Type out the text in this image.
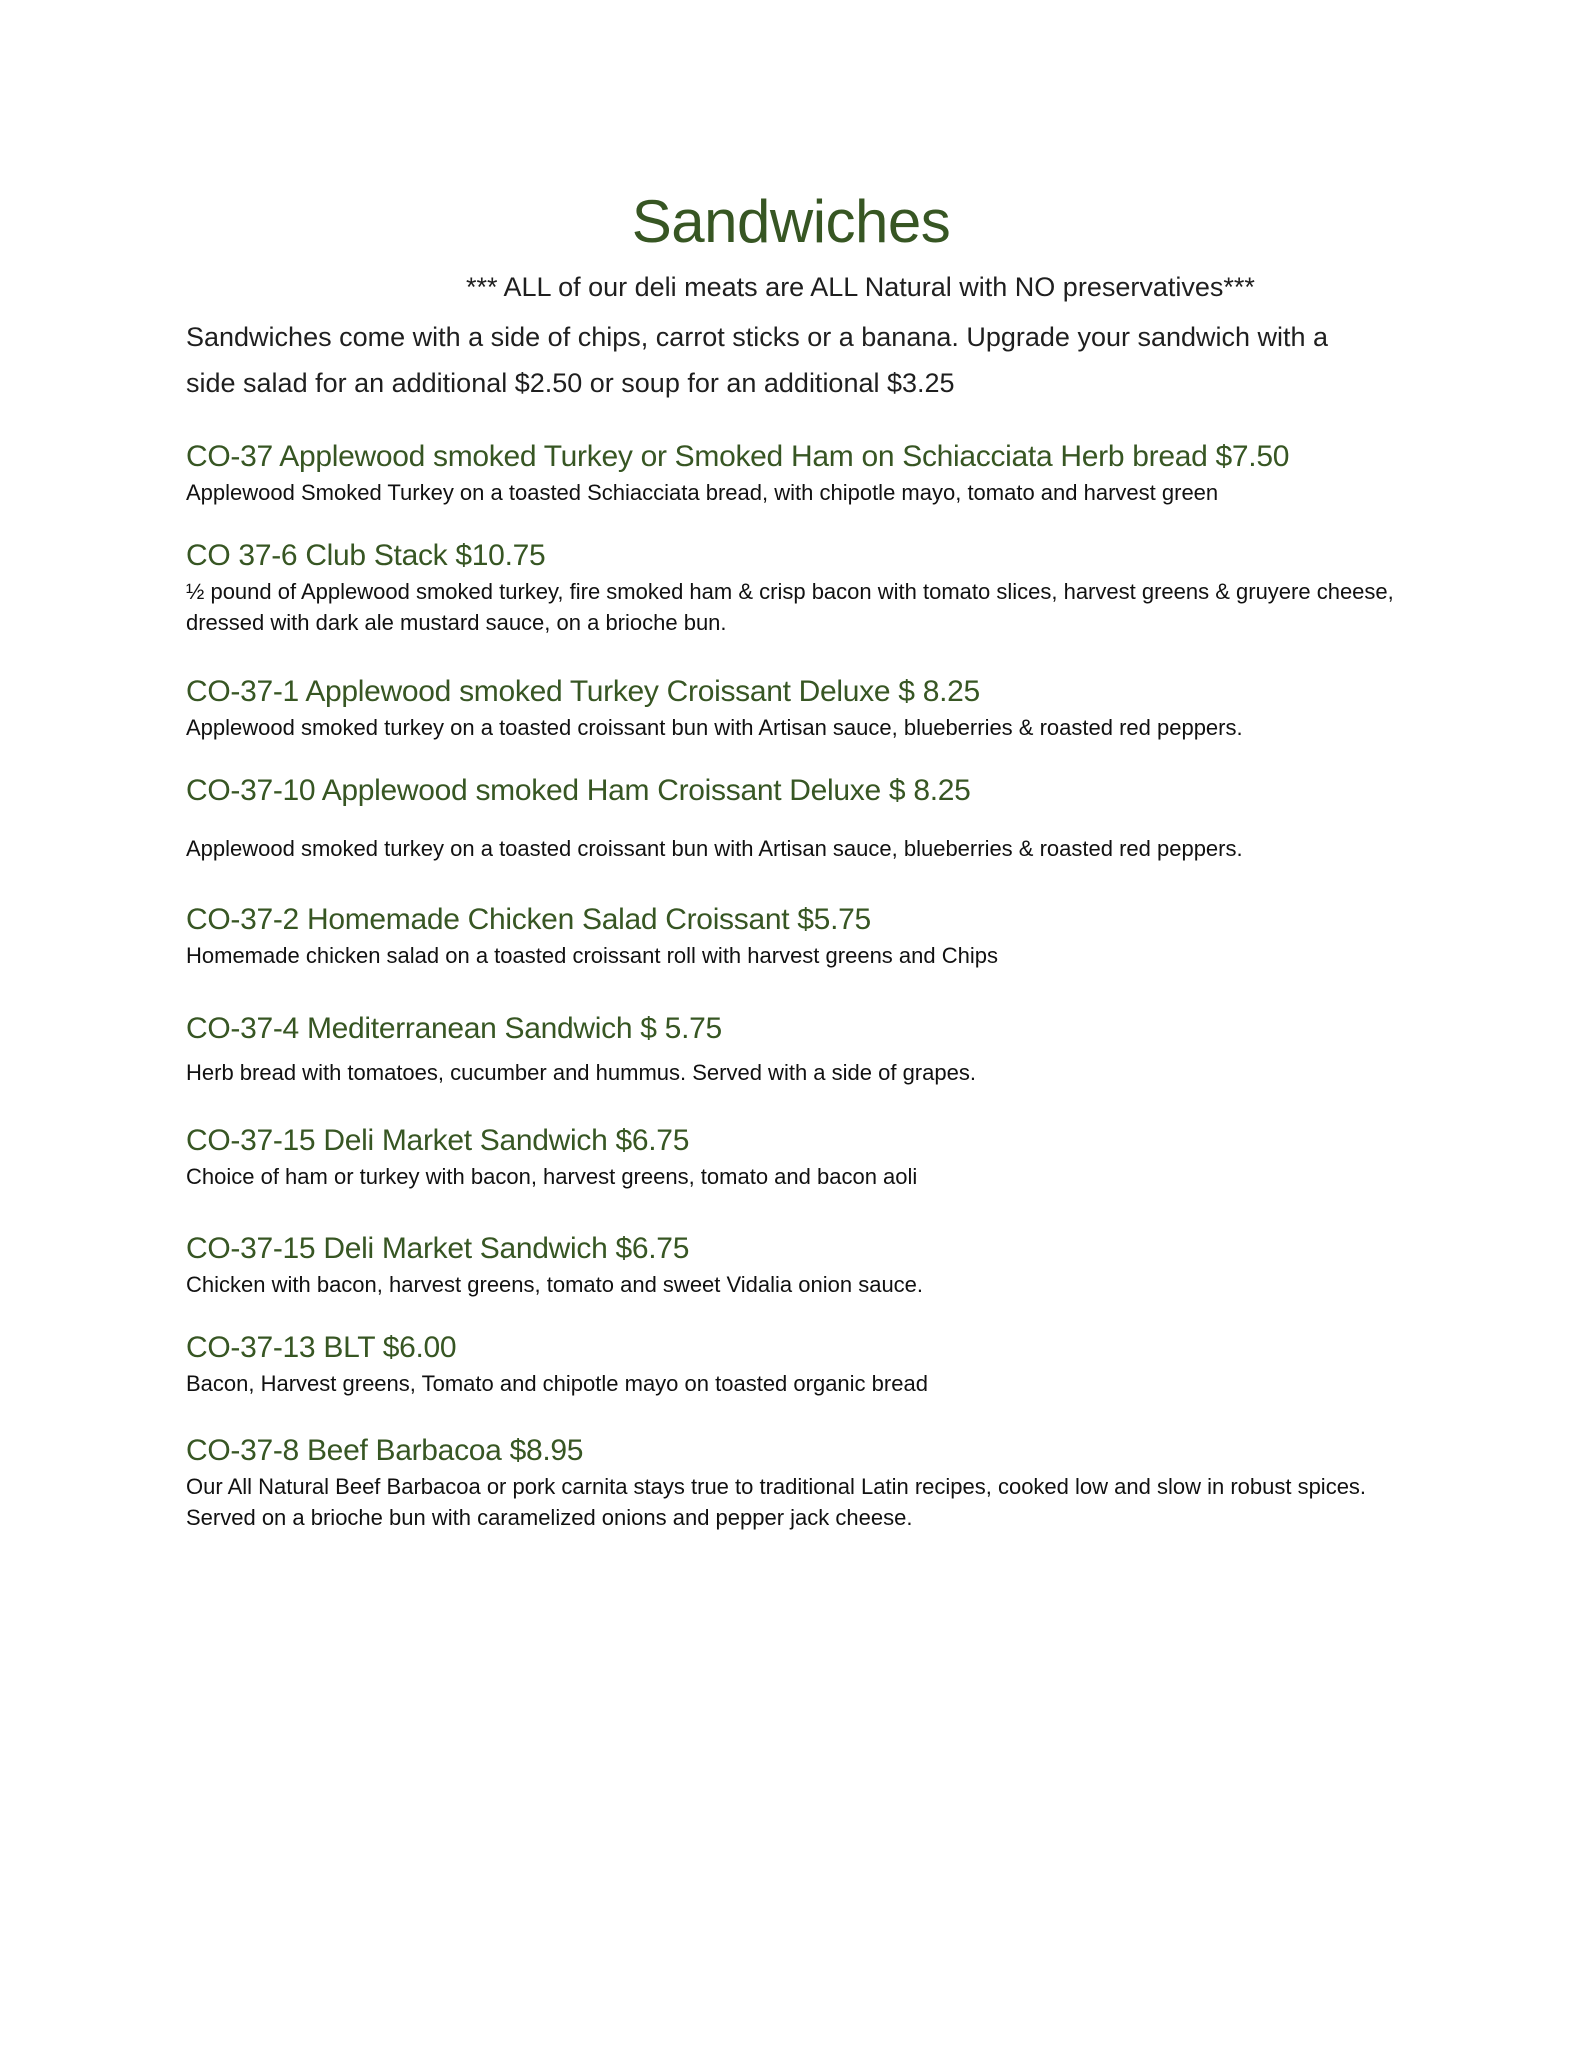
Sandwiches
*** ALL of our deli meats are ALL Natural with NO preservatives***
Sandwiches come with a side of chips, carrot sticks or a banana. Upgrade your sandwich with a side salad for an additional $2.50 or soup for an additional $3.25
CO-37 Applewood smoked Turkey or Smoked Ham on Schiacciata Herb bread $7.50
Applewood Smoked Turkey on a toasted Schiacciata bread, with chipotle mayo, tomato and harvest green
CO 37-6 Club Stack $10.75
½ pound of Applewood smoked turkey, fire smoked ham & crisp bacon with tomato slices, harvest greens & gruyere cheese, dressed with dark ale mustard sauce, on a brioche bun.
CO-37-1 Applewood smoked Turkey Croissant Deluxe $ 8.25
Applewood smoked turkey on a toasted croissant bun with Artisan sauce, blueberries & roasted red peppers.
CO-37-10 Applewood smoked Ham Croissant Deluxe $ 8.25
Applewood smoked turkey on a toasted croissant bun with Artisan sauce, blueberries & roasted red peppers.
CO-37-2 Homemade Chicken Salad Croissant $5.75
Homemade chicken salad on a toasted croissant roll with harvest greens and Chips
CO-37-4 Mediterranean Sandwich $ 5.75
Herb bread with tomatoes, cucumber and hummus. Served with a side of grapes.
CO-37-15 Deli Market Sandwich $6.75
Choice of ham or turkey with bacon, harvest greens, tomato and bacon aoli
CO-37-15 Deli Market Sandwich $6.75
Chicken with bacon, harvest greens, tomato and sweet Vidalia onion sauce.
CO-37-13 BLT $6.00
Bacon, Harvest greens, Tomato and chipotle mayo on toasted organic bread
CO-37-8 Beef Barbacoa $8.95
Our All Natural Beef Barbacoa or pork carnita stays true to traditional Latin recipes, cooked low and slow in robust spices. Served on a brioche bun with caramelized onions and pepper jack cheese.
